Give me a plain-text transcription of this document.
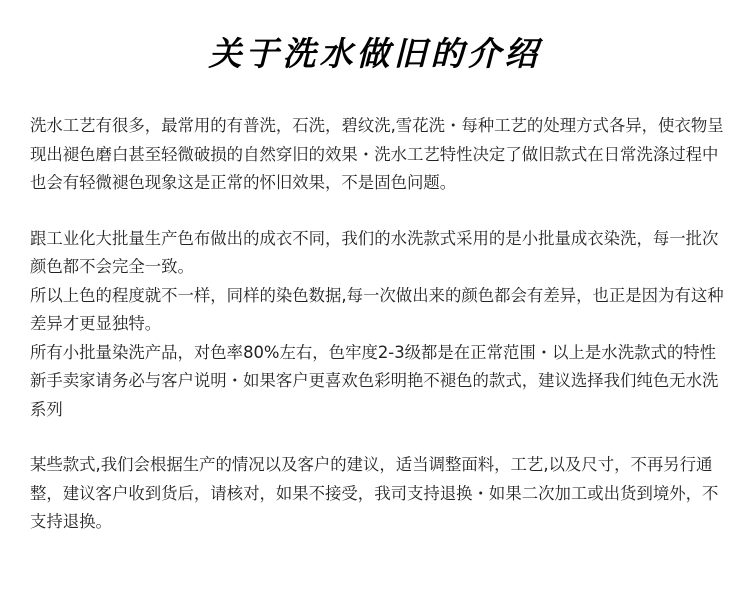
关于洗水做旧的介绍

洗水工艺有很多，最常用的有普洗，石洗，碧纹洗,雪花洗・每种工艺的处理方式各异，使衣物呈现出褪色磨白甚至轻微破损的自然穿旧的效果・洗水工艺特性决定了做旧款式在日常洗涤过程中也会有轻微褪色现象这是正常的怀旧效果，不是固色问题。

跟工业化大批量生产色布做出的成衣不同，我们的水洗款式采用的是小批量成衣染洗，每一批次颜色都不会完全一致。

所以上色的程度就不一样，同样的染色数据,每一次做出来的颜色都会有差异，也正是因为有这种差异才更显独特。

所有小批量染洗产品，对色率80%左右，色牢度2-3级都是在正常范围・以上是水洗款式的特性新手卖家请务必与客户说明・如果客户更喜欢色彩明艳不褪色的款式，建议选择我们纯色无水洗系列

某些款式,我们会根据生产的情况以及客户的建议，适当调整面料，工艺,以及尺寸，不再另行通整，建议客户收到货后，请核对，如果不接受，我司支持退换・如果二次加工或出货到境外，不支持退换。
